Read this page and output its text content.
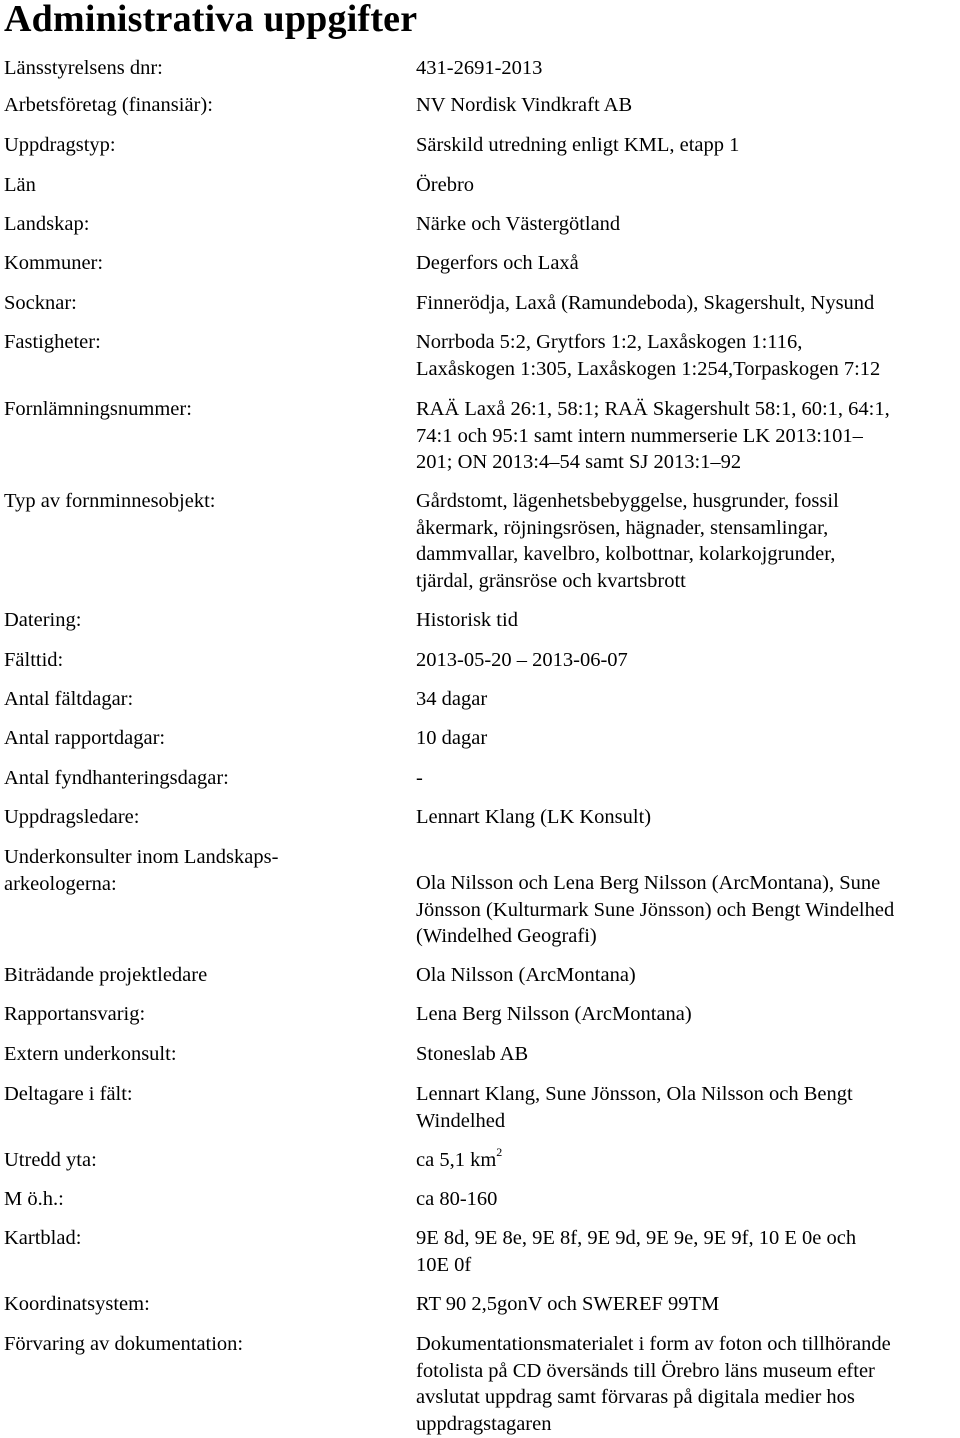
Administrativa uppgifter
Länsstyrelsens dnr:	431-2691-2013
Arbetsföretag (finansiär):	NV Nordisk Vindkraft AB
Uppdragstyp:	Särskild utredning enligt KML, etapp 1
Län	Örebro
Landskap:	Närke och Västergötland
Kommuner:	Degerfors och Laxå
Socknar:	Finnerödja, Laxå (Ramundeboda), Skagershult, Nysund
Fastigheter:	Norrboda 5:2, Grytfors 1:2, Laxåskogen 1:116,
Laxåskogen 1:305, Laxåskogen 1:254,Torpaskogen 7:12
Fornlämningsnummer:	RAÄ Laxå 26:1, 58:1; RAÄ Skagershult 58:1, 60:1, 64:1,
74:1 och 95:1 samt intern nummerserie LK 2013:101–
201; ON 2013:4–54 samt SJ 2013:1–92
Typ av fornminnesobjekt:	Gårdstomt, lägenhetsbebyggelse, husgrunder, fossil
åkermark, röjningsrösen, hägnader, stensamlingar,
dammvallar, kavelbro, kolbottnar, kolarkojgrunder,
tjärdal, gränsröse och kvartsbrott
Datering:	Historisk tid
Fälttid:	2013-05-20 – 2013-06-07
Antal fältdagar:	34 dagar
Antal rapportdagar:	10 dagar
Antal fyndhanteringsdagar:	-
Uppdragsledare:	Lennart Klang (LK Konsult)
Underkonsulter inom Landskaps-
arkeologerna:	Ola Nilsson och Lena Berg Nilsson (ArcMontana), Sune
Jönsson (Kulturmark Sune Jönsson) och Bengt Windelhed
(Windelhed Geografi)
Biträdande projektledare	Ola Nilsson (ArcMontana)
Rapportansvarig:	Lena Berg Nilsson (ArcMontana)
Extern underkonsult:	Stoneslab AB
Deltagare i fält:	Lennart Klang, Sune Jönsson, Ola Nilsson och Bengt
Windelhed
Utredd yta:	ca 5,1 $km^2$
M ö.h.:	ca 80-160
Kartblad:	9E 8d, 9E 8e, 9E 8f, 9E 9d, 9E 9e, 9E 9f, 10 E 0e och
10E 0f
Koordinatsystem:	RT 90 2,5gonV och SWEREF 99TM
Förvaring av dokumentation:	Dokumentationsmaterialet i form av foton och tillhörande
fotolista på CD översänds till Örebro läns museum efter
avslutat uppdrag samt förvaras på digitala medier hos
uppdragstagaren
